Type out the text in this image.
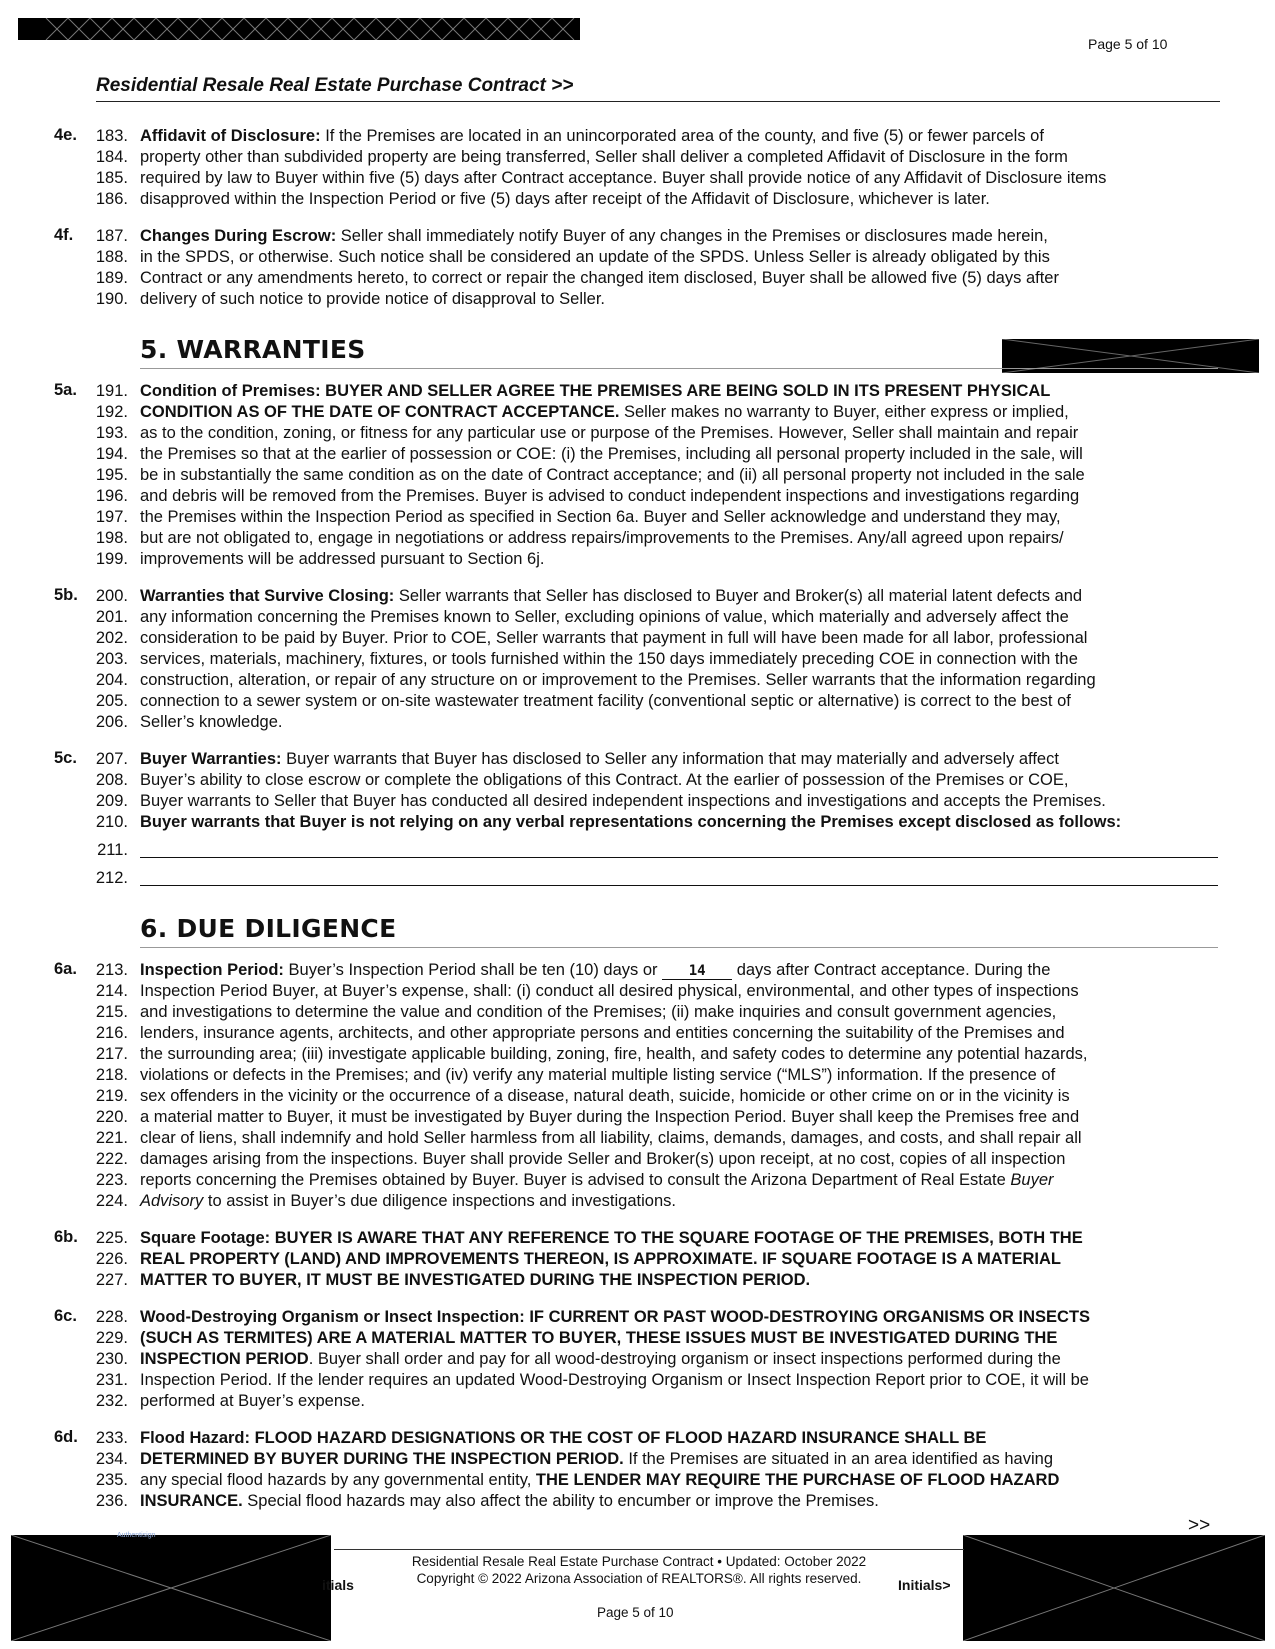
Page 5 of 10
Residential Resale Real Estate Purchase Contract >>
4e. 183. Affidavit of Disclosure: If the Premises are located in an unincorporated area of the county, and five (5) or fewer parcels of
184. property other than subdivided property are being transferred, Seller shall deliver a completed Affidavit of Disclosure in the form
185. required by law to Buyer within five (5) days after Contract acceptance. Buyer shall provide notice of any Affidavit of Disclosure items
186. disapproved within the Inspection Period or five (5) days after receipt of the Affidavit of Disclosure, whichever is later.
4f. 187. Changes During Escrow: Seller shall immediately notify Buyer of any changes in the Premises or disclosures made herein,
188. in the SPDS, or otherwise. Such notice shall be considered an update of the SPDS. Unless Seller is already obligated by this
189. Contract or any amendments hereto, to correct or repair the changed item disclosed, Buyer shall be allowed five (5) days after
190. delivery of such notice to provide notice of disapproval to Seller.
5. WARRANTIES
5a. 191. Condition of Premises: BUYER AND SELLER AGREE THE PREMISES ARE BEING SOLD IN ITS PRESENT PHYSICAL
192. CONDITION AS OF THE DATE OF CONTRACT ACCEPTANCE. Seller makes no warranty to Buyer, either express or implied,
193. as to the condition, zoning, or fitness for any particular use or purpose of the Premises. However, Seller shall maintain and repair
194. the Premises so that at the earlier of possession or COE: (i) the Premises, including all personal property included in the sale, will
195. be in substantially the same condition as on the date of Contract acceptance; and (ii) all personal property not included in the sale
196. and debris will be removed from the Premises. Buyer is advised to conduct independent inspections and investigations regarding
197. the Premises within the Inspection Period as specified in Section 6a. Buyer and Seller acknowledge and understand they may,
198. but are not obligated to, engage in negotiations or address repairs/improvements to the Premises. Any/all agreed upon repairs/
199. improvements will be addressed pursuant to Section 6j.
5b. 200. Warranties that Survive Closing: Seller warrants that Seller has disclosed to Buyer and Broker(s) all material latent defects and
201. any information concerning the Premises known to Seller, excluding opinions of value, which materially and adversely affect the
202. consideration to be paid by Buyer. Prior to COE, Seller warrants that payment in full will have been made for all labor, professional
203. services, materials, machinery, fixtures, or tools furnished within the 150 days immediately preceding COE in connection with the
204. construction, alteration, or repair of any structure on or improvement to the Premises. Seller warrants that the information regarding
205. connection to a sewer system or on-site wastewater treatment facility (conventional septic or alternative) is correct to the best of
206. Seller’s knowledge.
5c. 207. Buyer Warranties: Buyer warrants that Buyer has disclosed to Seller any information that may materially and adversely affect
208. Buyer’s ability to close escrow or complete the obligations of this Contract. At the earlier of possession of the Premises or COE,
209. Buyer warrants to Seller that Buyer has conducted all desired independent inspections and investigations and accepts the Premises.
210. Buyer warrants that Buyer is not relying on any verbal representations concerning the Premises except disclosed as follows:
211.
212.
6. DUE DILIGENCE
6a. 213. Inspection Period: Buyer’s Inspection Period shall be ten (10) days or 14 days after Contract acceptance. During the
214. Inspection Period Buyer, at Buyer’s expense, shall: (i) conduct all desired physical, environmental, and other types of inspections
215. and investigations to determine the value and condition of the Premises; (ii) make inquiries and consult government agencies,
216. lenders, insurance agents, architects, and other appropriate persons and entities concerning the suitability of the Premises and
217. the surrounding area; (iii) investigate applicable building, zoning, fire, health, and safety codes to determine any potential hazards,
218. violations or defects in the Premises; and (iv) verify any material multiple listing service (“MLS”) information. If the presence of
219. sex offenders in the vicinity or the occurrence of a disease, natural death, suicide, homicide or other crime on or in the vicinity is
220. a material matter to Buyer, it must be investigated by Buyer during the Inspection Period. Buyer shall keep the Premises free and
221. clear of liens, shall indemnify and hold Seller harmless from all liability, claims, demands, damages, and costs, and shall repair all
222. damages arising from the inspections. Buyer shall provide Seller and Broker(s) upon receipt, at no cost, copies of all inspection
223. reports concerning the Premises obtained by Buyer. Buyer is advised to consult the Arizona Department of Real Estate Buyer
224. Advisory to assist in Buyer’s due diligence inspections and investigations.
6b. 225. Square Footage: BUYER IS AWARE THAT ANY REFERENCE TO THE SQUARE FOOTAGE OF THE PREMISES, BOTH THE
226. REAL PROPERTY (LAND) AND IMPROVEMENTS THEREON, IS APPROXIMATE. IF SQUARE FOOTAGE IS A MATERIAL
227. MATTER TO BUYER, IT MUST BE INVESTIGATED DURING THE INSPECTION PERIOD.
6c. 228. Wood-Destroying Organism or Insect Inspection: IF CURRENT OR PAST WOOD-DESTROYING ORGANISMS OR INSECTS
229. (SUCH AS TERMITES) ARE A MATERIAL MATTER TO BUYER, THESE ISSUES MUST BE INVESTIGATED DURING THE
230. INSPECTION PERIOD. Buyer shall order and pay for all wood-destroying organism or insect inspections performed during the
231. Inspection Period. If the lender requires an updated Wood-Destroying Organism or Insect Inspection Report prior to COE, it will be
232. performed at Buyer’s expense.
6d. 233. Flood Hazard: FLOOD HAZARD DESIGNATIONS OR THE COST OF FLOOD HAZARD INSURANCE SHALL BE
234. DETERMINED BY BUYER DURING THE INSPECTION PERIOD. If the Premises are situated in an area identified as having
235. any special flood hazards by any governmental entity, THE LENDER MAY REQUIRE THE PURCHASE OF FLOOD HAZARD
236. INSURANCE. Special flood hazards may also affect the ability to encumber or improve the Premises.
Authentisign	>>
Residential Resale Real Estate Purchase Contract • Updated: October 2022
Copyright © 2022 Arizona Association of REALTORS®. All rights reserved.
itials	Initials>
Page 5 of 10
